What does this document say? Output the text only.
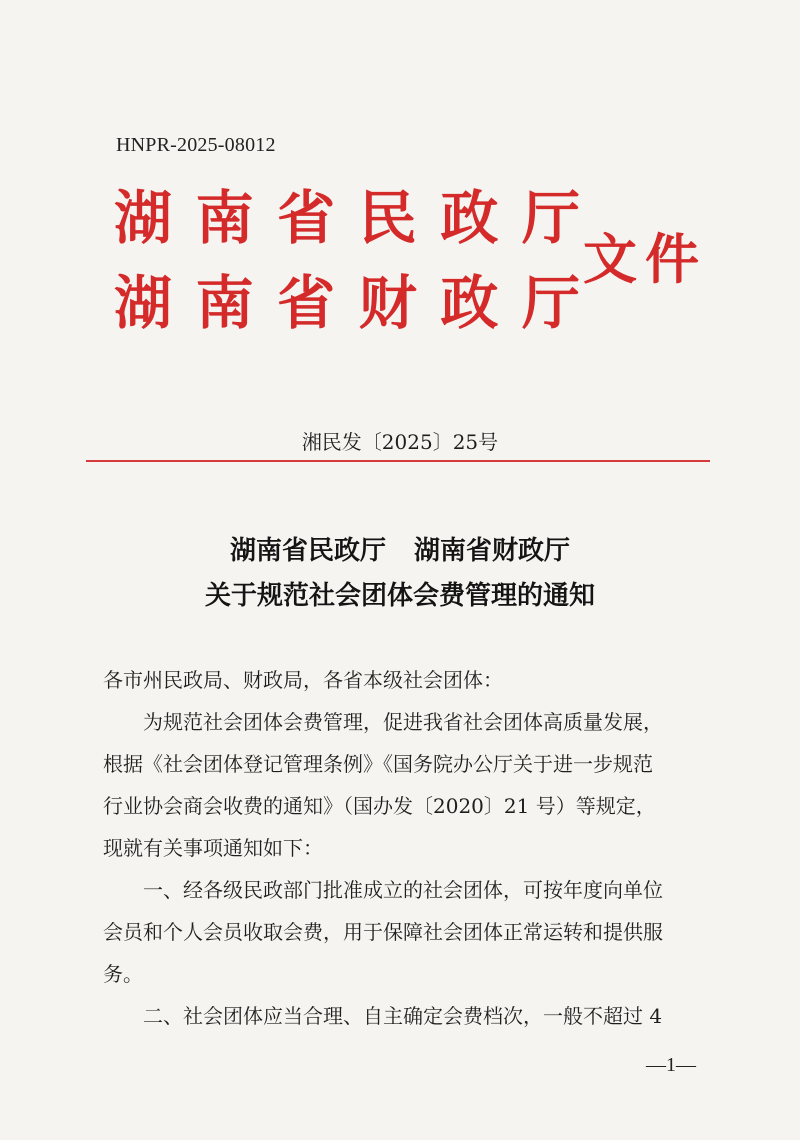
HNPR-2025-08012
湖 南 省 民 政 厅
湖 南 省 财 政 厅
文件
湘民发〔2025〕25号
湖南省民政厅 湖南省财政厅
关于规范社会团体会费管理的通知
各市州民政局、财政局，各省本级社会团体：
　　为规范社会团体会费管理，促进我省社会团体高质量发展，
根据《社会团体登记管理条例》《国务院办公厅关于进一步规范
行业协会商会收费的通知》（国办发〔2020〕21 号）等规定，
现就有关事项通知如下：
　　一、经各级民政部门批准成立的社会团体，可按年度向单位
会员和个人会员收取会费，用于保障社会团体正常运转和提供服
务。
　　二、社会团体应当合理、自主确定会费档次，一般不超过 4
—1—
